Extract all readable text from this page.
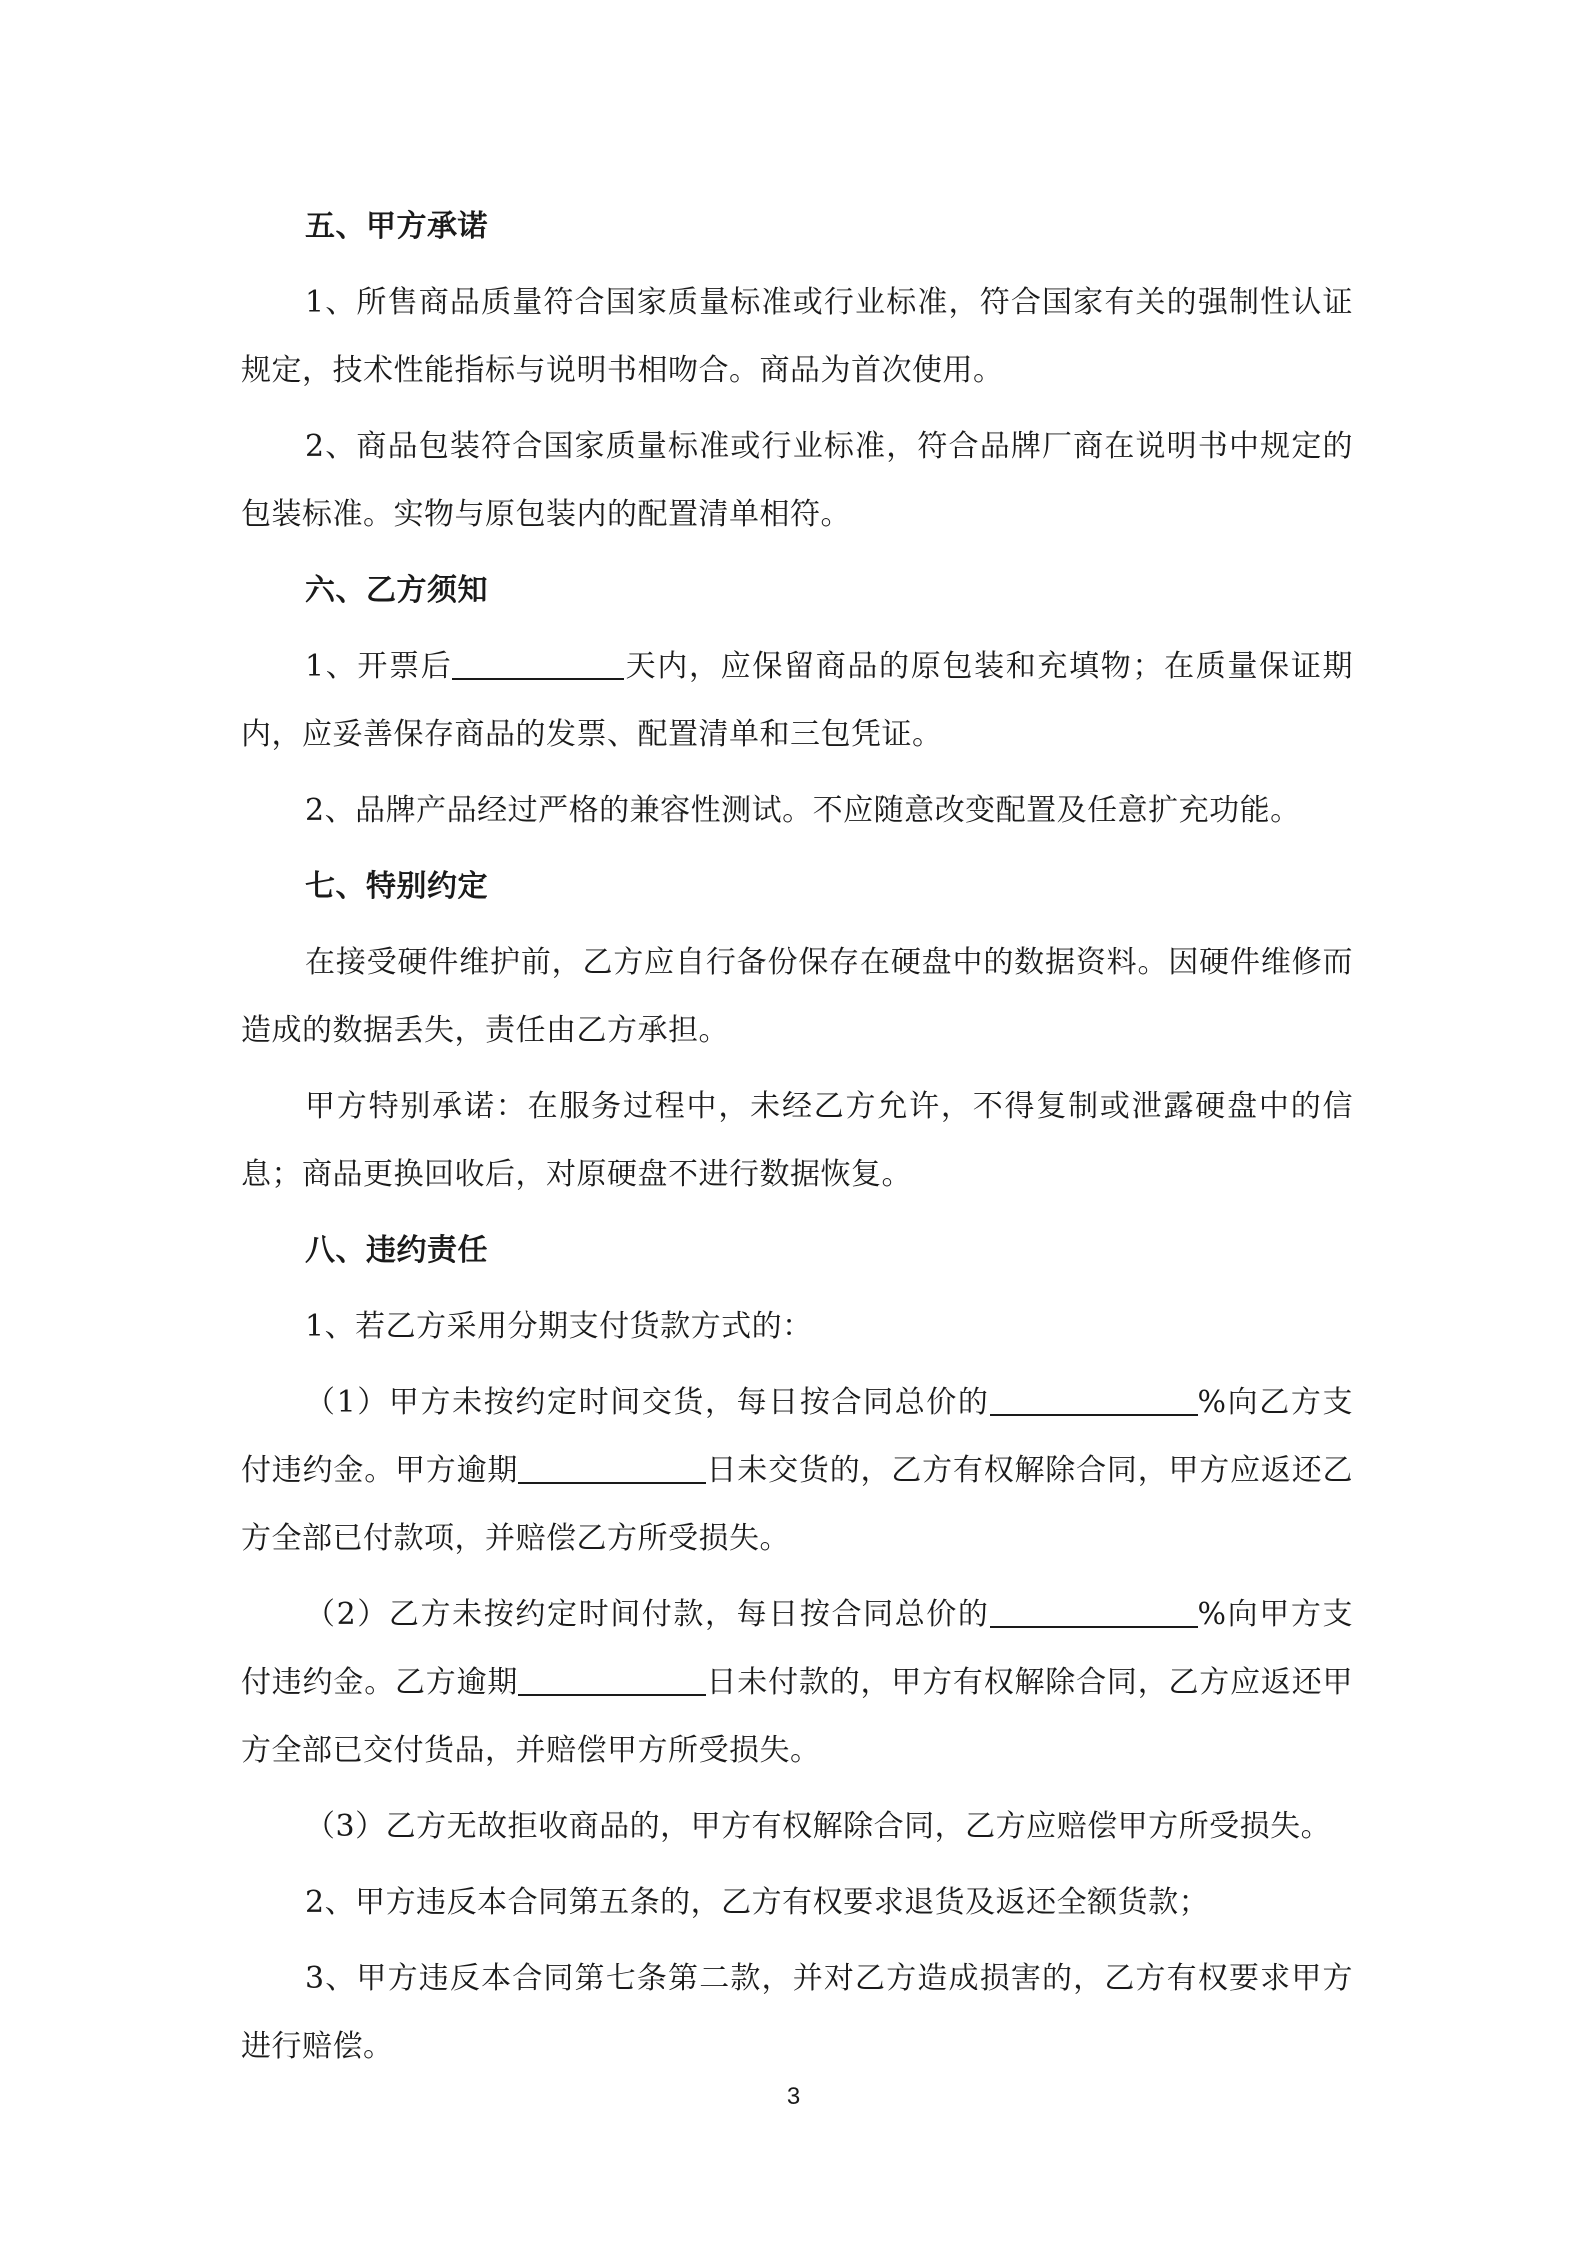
五、甲方承诺

1、所售商品质量符合国家质量标准或行业标准，符合国家有关的强制性认证规定，技术性能指标与说明书相吻合。商品为首次使用。

2、商品包装符合国家质量标准或行业标准，符合品牌厂商在说明书中规定的包装标准。实物与原包装内的配置清单相符。

六、乙方须知

1、开票后	天内，应保留商品的原包装和充填物；在质量保证期内，应妥善保存商品的发票、配置清单和三包凭证。

2、品牌产品经过严格的兼容性测试。不应随意改变配置及任意扩充功能。

七、特别约定

在接受硬件维护前，乙方应自行备份保存在硬盘中的数据资料。因硬件维修而造成的数据丢失，责任由乙方承担。

甲方特别承诺：在服务过程中，未经乙方允许，不得复制或泄露硬盘中的信息；商品更换回收后，对原硬盘不进行数据恢复。

八、违约责任

1、若乙方采用分期支付货款方式的：

（1）甲方未按约定时间交货，每日按合同总价的	%向乙方支付违约金。甲方逾期	日未交货的，乙方有权解除合同，甲方应返还乙方全部已付款项，并赔偿乙方所受损失。

（2）乙方未按约定时间付款，每日按合同总价的	%向甲方支付违约金。乙方逾期	日未付款的，甲方有权解除合同，乙方应返还甲方全部已交付货品，并赔偿甲方所受损失。

（3）乙方无故拒收商品的，甲方有权解除合同，乙方应赔偿甲方所受损失。

2、甲方违反本合同第五条的，乙方有权要求退货及返还全额货款；

3、甲方违反本合同第七条第二款，并对乙方造成损害的，乙方有权要求甲方进行赔偿。

3
